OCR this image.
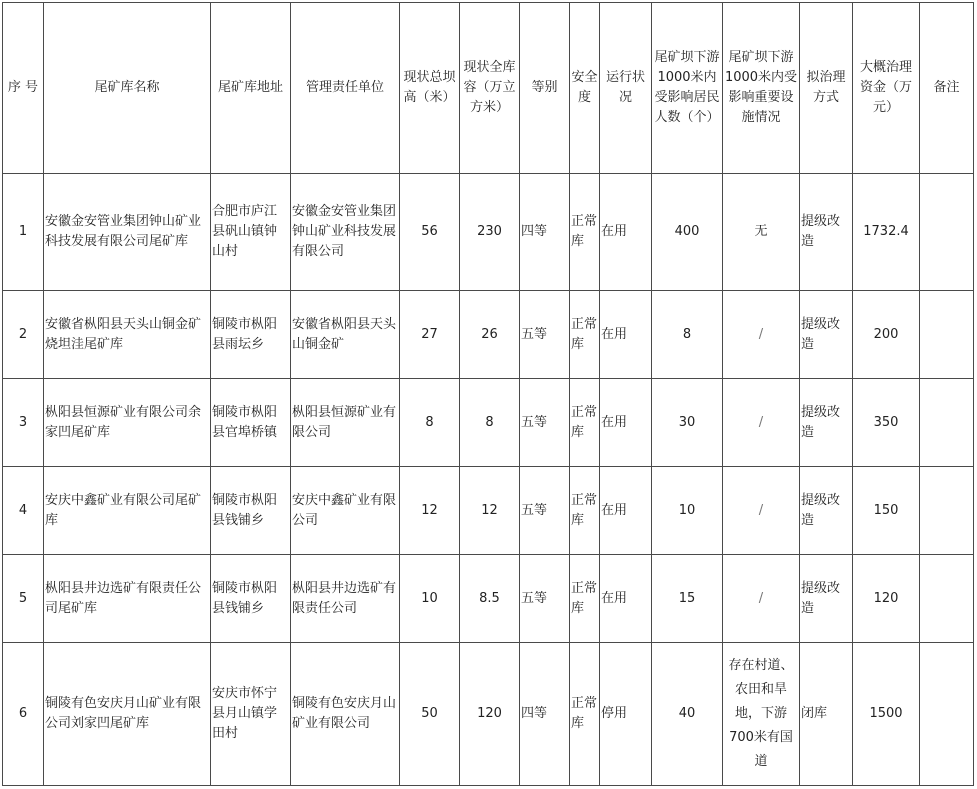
序 号	尾矿库名称	尾矿库地址	管理责任单位	现状总坝高（米）	现状全库容（万立方米）	等别	安全度	运行状况	尾矿坝下游1000米内受影响居民人数（个）	尾矿坝下游1000米内受影响重要设施情况	拟治理方式	大概治理资金（万元）	备注
1	安徽金安管业集团钟山矿业科技发展有限公司尾矿库	合肥市庐江县矾山镇钟山村	安徽金安管业集团钟山矿业科技发展有限公司	56	230	四等	正常库	在用	400	无	提级改造	1732.4	
2	安徽省枞阳县天头山铜金矿烧坦洼尾矿库	铜陵市枞阳县雨坛乡	安徽省枞阳县天头山铜金矿	27	26	五等	正常库	在用	8	/	提级改造	200	
3	枞阳县恒源矿业有限公司余家凹尾矿库	铜陵市枞阳县官埠桥镇	枞阳县恒源矿业有限公司	8	8	五等	正常库	在用	30	/	提级改造	350	
4	安庆中鑫矿业有限公司尾矿库	铜陵市枞阳县钱铺乡	安庆中鑫矿业有限公司	12	12	五等	正常库	在用	10	/	提级改造	150	
5	枞阳县井边选矿有限责任公司尾矿库	铜陵市枞阳县钱铺乡	枞阳县井边选矿有限责任公司	10	8.5	五等	正常库	在用	15	/	提级改造	120	
6	铜陵有色安庆月山矿业有限公司刘家凹尾矿库	安庆市怀宁县月山镇学田村	铜陵有色安庆月山矿业有限公司	50	120	四等	正常库	停用	40	存在村道、农田和旱地，下游700米有国道	闭库	1500	
